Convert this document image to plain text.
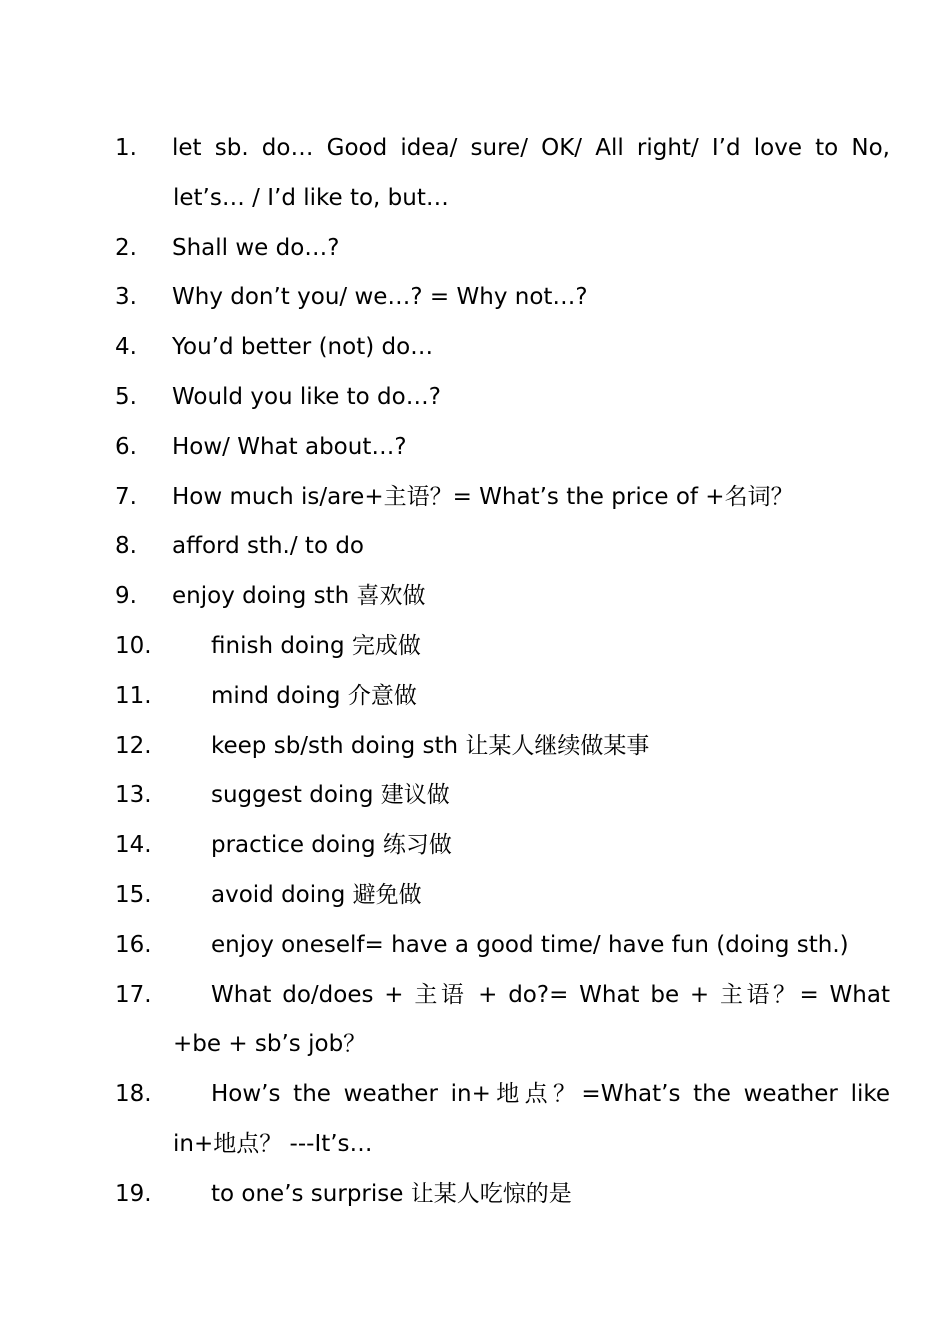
1. let sb. do… Good idea/ sure/ OK/ All right/ I’d love to No, let’s… / I’d like to, but…
2. Shall we do…?
3. Why don’t you/ we…? = Why not…?
4. You’d better (not) do…
5. Would you like to do…?
6. How/ What about…?
7. How much is/are+主语？= What’s the price of +名词？
8. afford sth./ to do
9. enjoy doing sth 喜欢做
10.	finish doing 完成做
11.	mind doing 介意做
12.	keep sb/sth doing sth 让某人继续做某事
13.	suggest doing 建议做
14.	practice doing 练习做
15.	avoid doing 避免做
16.	enjoy oneself= have a good time/ have fun (doing sth.)
17.	What do/does + 主语 + do?= What be + 主语？= What +be + sb’s job？
18.	How’s the weather in+地点？=What’s the weather like in+地点？ ---It’s…
19.	to one’s surprise 让某人吃惊的是
